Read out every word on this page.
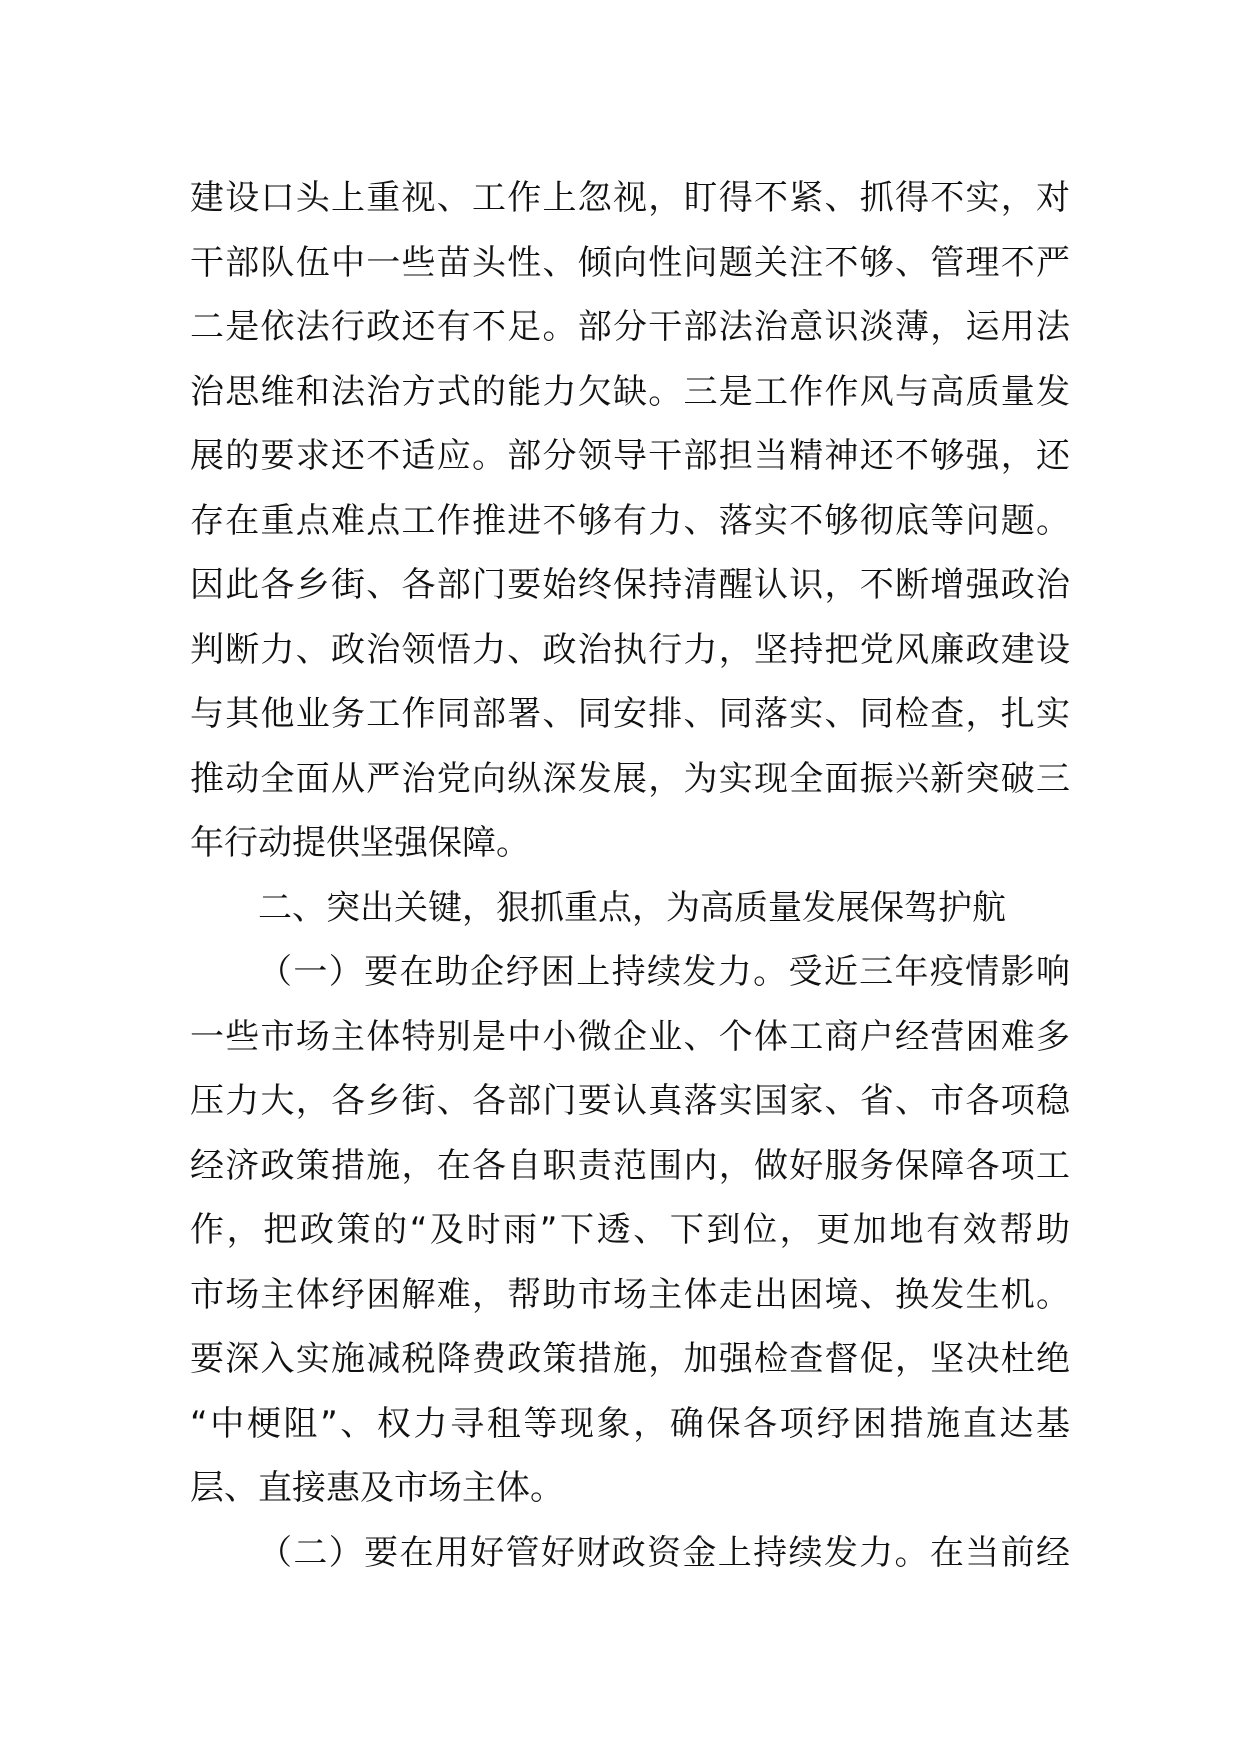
建设口头上重视、工作上忽视，盯得不紧、抓得不实，对
干部队伍中一些苗头性、倾向性问题关注不够、管理不严
二是依法行政还有不足。部分干部法治意识淡薄，运用法
治思维和法治方式的能力欠缺。三是工作作风与高质量发
展的要求还不适应。部分领导干部担当精神还不够强，还
存在重点难点工作推进不够有力、落实不够彻底等问题。
因此各乡街、各部门要始终保持清醒认识，不断增强政治
判断力、政治领悟力、政治执行力，坚持把党风廉政建设
与其他业务工作同部署、同安排、同落实、同检查，扎实
推动全面从严治党向纵深发展，为实现全面振兴新突破三
年行动提供坚强保障。
二、突出关键，狠抓重点，为高质量发展保驾护航
（一）要在助企纾困上持续发力。受近三年疫情影响
一些市场主体特别是中小微企业、个体工商户经营困难多
压力大，各乡街、各部门要认真落实国家、省、市各项稳
经济政策措施，在各自职责范围内，做好服务保障各项工
作，把政策的“及时雨”下透、下到位，更加地有效帮助
市场主体纾困解难，帮助市场主体走出困境、换发生机。
要深入实施减税降费政策措施，加强检查督促，坚决杜绝
“中梗阻”、权力寻租等现象，确保各项纾困措施直达基
层、直接惠及市场主体。
（二）要在用好管好财政资金上持续发力。在当前经
